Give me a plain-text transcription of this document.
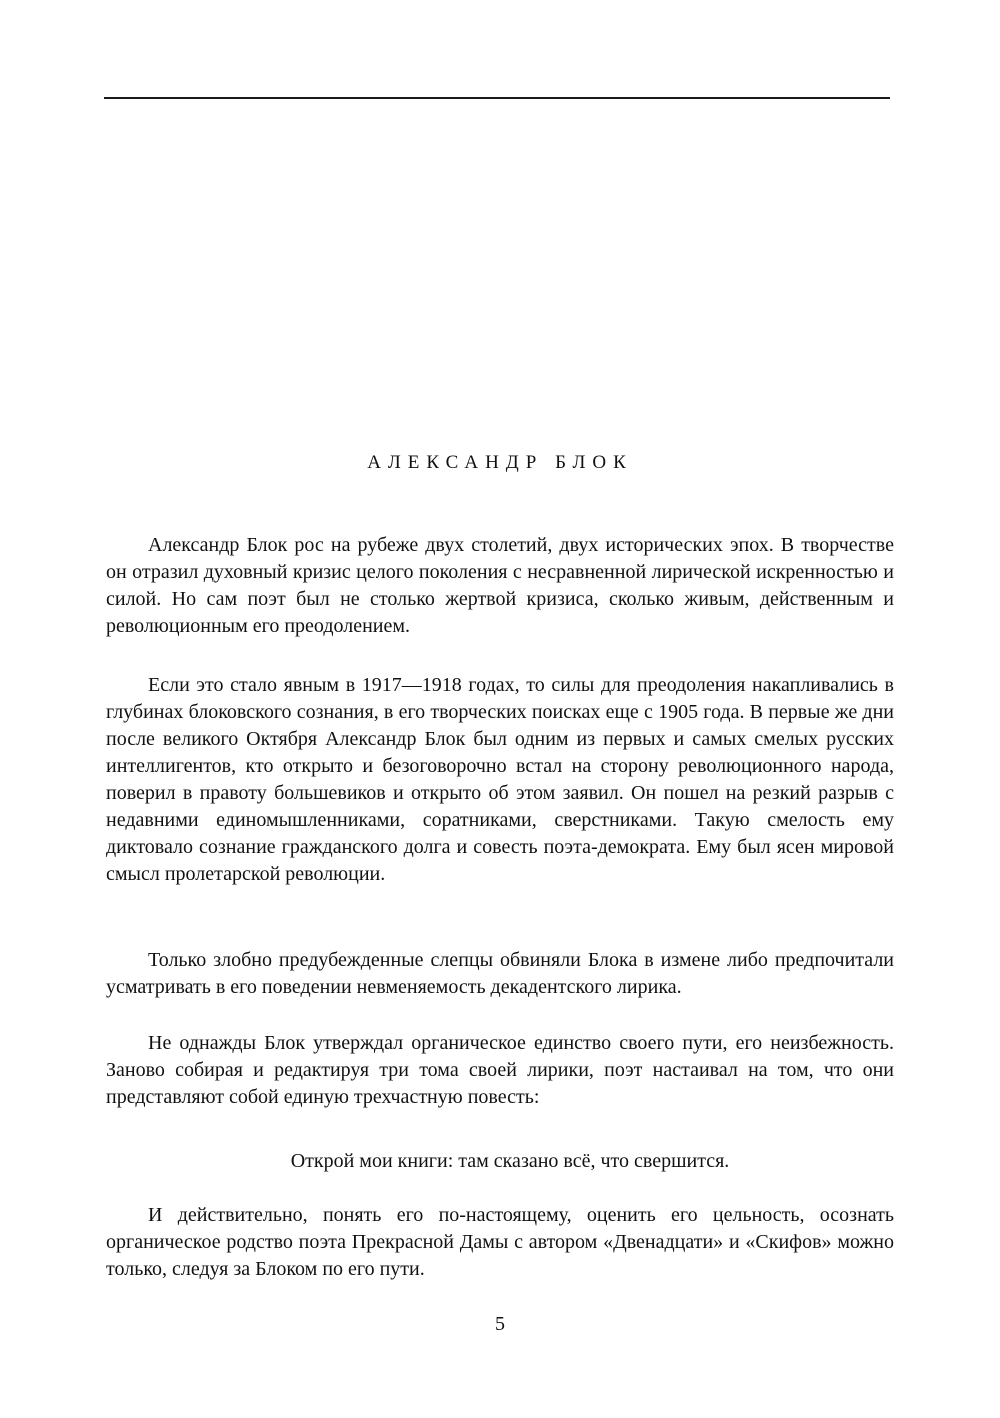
АЛЕКСАНДР БЛОК

Александр Блок рос на рубеже двух столетий, двух исторических эпох. В творчестве он отразил духовный кризис целого поколения с несравненной лирической искренностью и силой. Но сам поэт был не столько жертвой кризиса, сколько живым, действенным и революционным его преодолением.

Если это стало явным в 1917—1918 годах, то силы для преодоления накапливались в глубинах блоковского сознания, в его творческих поисках еще с 1905 года. В первые же дни после великого Октября Александр Блок был одним из первых и самых смелых русских интеллигентов, кто открыто и безоговорочно встал на сторону революционного народа, поверил в правоту большевиков и открыто об этом заявил. Он пошел на резкий разрыв с недавними единомышленниками, соратниками, сверстниками. Такую смелость ему диктовало сознание гражданского долга и совесть поэта-демократа. Ему был ясен мировой смысл пролетарской революции.

Только злобно предубежденные слепцы обвиняли Блока в измене либо предпочитали усматривать в его поведении невменяемость декадентского лирика.

Не однажды Блок утверждал органическое единство своего пути, его неизбежность. Заново собирая и редактируя три тома своей лирики, поэт настаивал на том, что они представляют собой единую трехчастную повесть:

Открой мои книги: там сказано всё, что свершится.

И действительно, понять его по-настоящему, оценить его цельность, осознать органическое родство поэта Прекрасной Дамы с автором «Двенадцати» и «Скифов» можно только, следуя за Блоком по его пути.

5
